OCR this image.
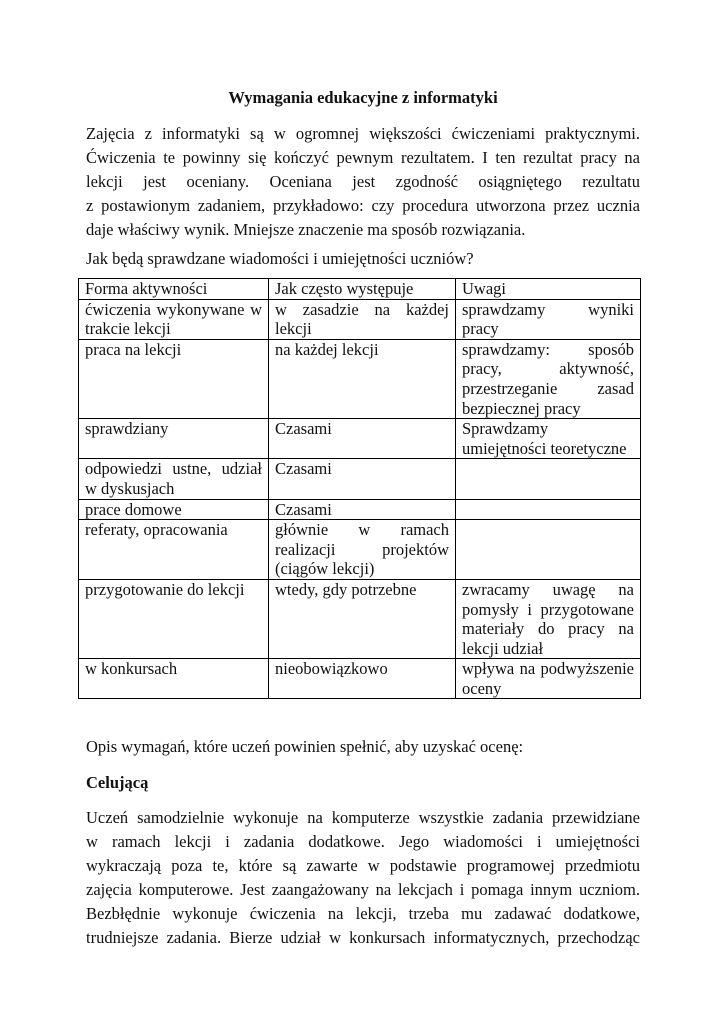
Wymagania edukacyjne z informatyki
Zajęcia z informatyki są w ogromnej większości ćwiczeniami praktycznymi.
Ćwiczenia te powinny się kończyć pewnym rezultatem. I ten rezultat pracy na
lekcji jest oceniany. Oceniana jest zgodność osiągniętego rezultatu
z postawionym zadaniem, przykładowo: czy procedura utworzona przez ucznia
daje właściwy wynik. Mniejsze znaczenie ma sposób rozwiązania.
Jak będą sprawdzane wiadomości i umiejętności uczniów?
Forma aktywności	Jak często występuje	Uwagi
ćwiczenia wykonywane w trakcie lekcji	w zasadzie na każdej lekcji	sprawdzamy wyniki pracy
praca na lekcji	na każdej lekcji	sprawdzamy: sposób pracy, aktywność, przestrzeganie zasad bezpiecznej pracy
sprawdziany	Czasami	Sprawdzamy umiejętności teoretyczne
odpowiedzi ustne, udział w dyskusjach	Czasami	
prace domowe	Czasami	
referaty, opracowania	głównie w ramach realizacji projektów (ciągów lekcji)	
przygotowanie do lekcji	wtedy, gdy potrzebne	zwracamy uwagę na pomysły i przygotowane materiały do pracy na lekcji udział
w konkursach	nieobowiązkowo	wpływa na podwyższenie oceny
Opis wymagań, które uczeń powinien spełnić, aby uzyskać ocenę:
Celującą
Uczeń samodzielnie wykonuje na komputerze wszystkie zadania przewidziane
w ramach lekcji i zadania dodatkowe. Jego wiadomości i umiejętności
wykraczają poza te, które są zawarte w podstawie programowej przedmiotu
zajęcia komputerowe. Jest zaangażowany na lekcjach i pomaga innym uczniom.
Bezbłędnie wykonuje ćwiczenia na lekcji, trzeba mu zadawać dodatkowe,
trudniejsze zadania. Bierze udział w konkursach informatycznych, przechodząc
